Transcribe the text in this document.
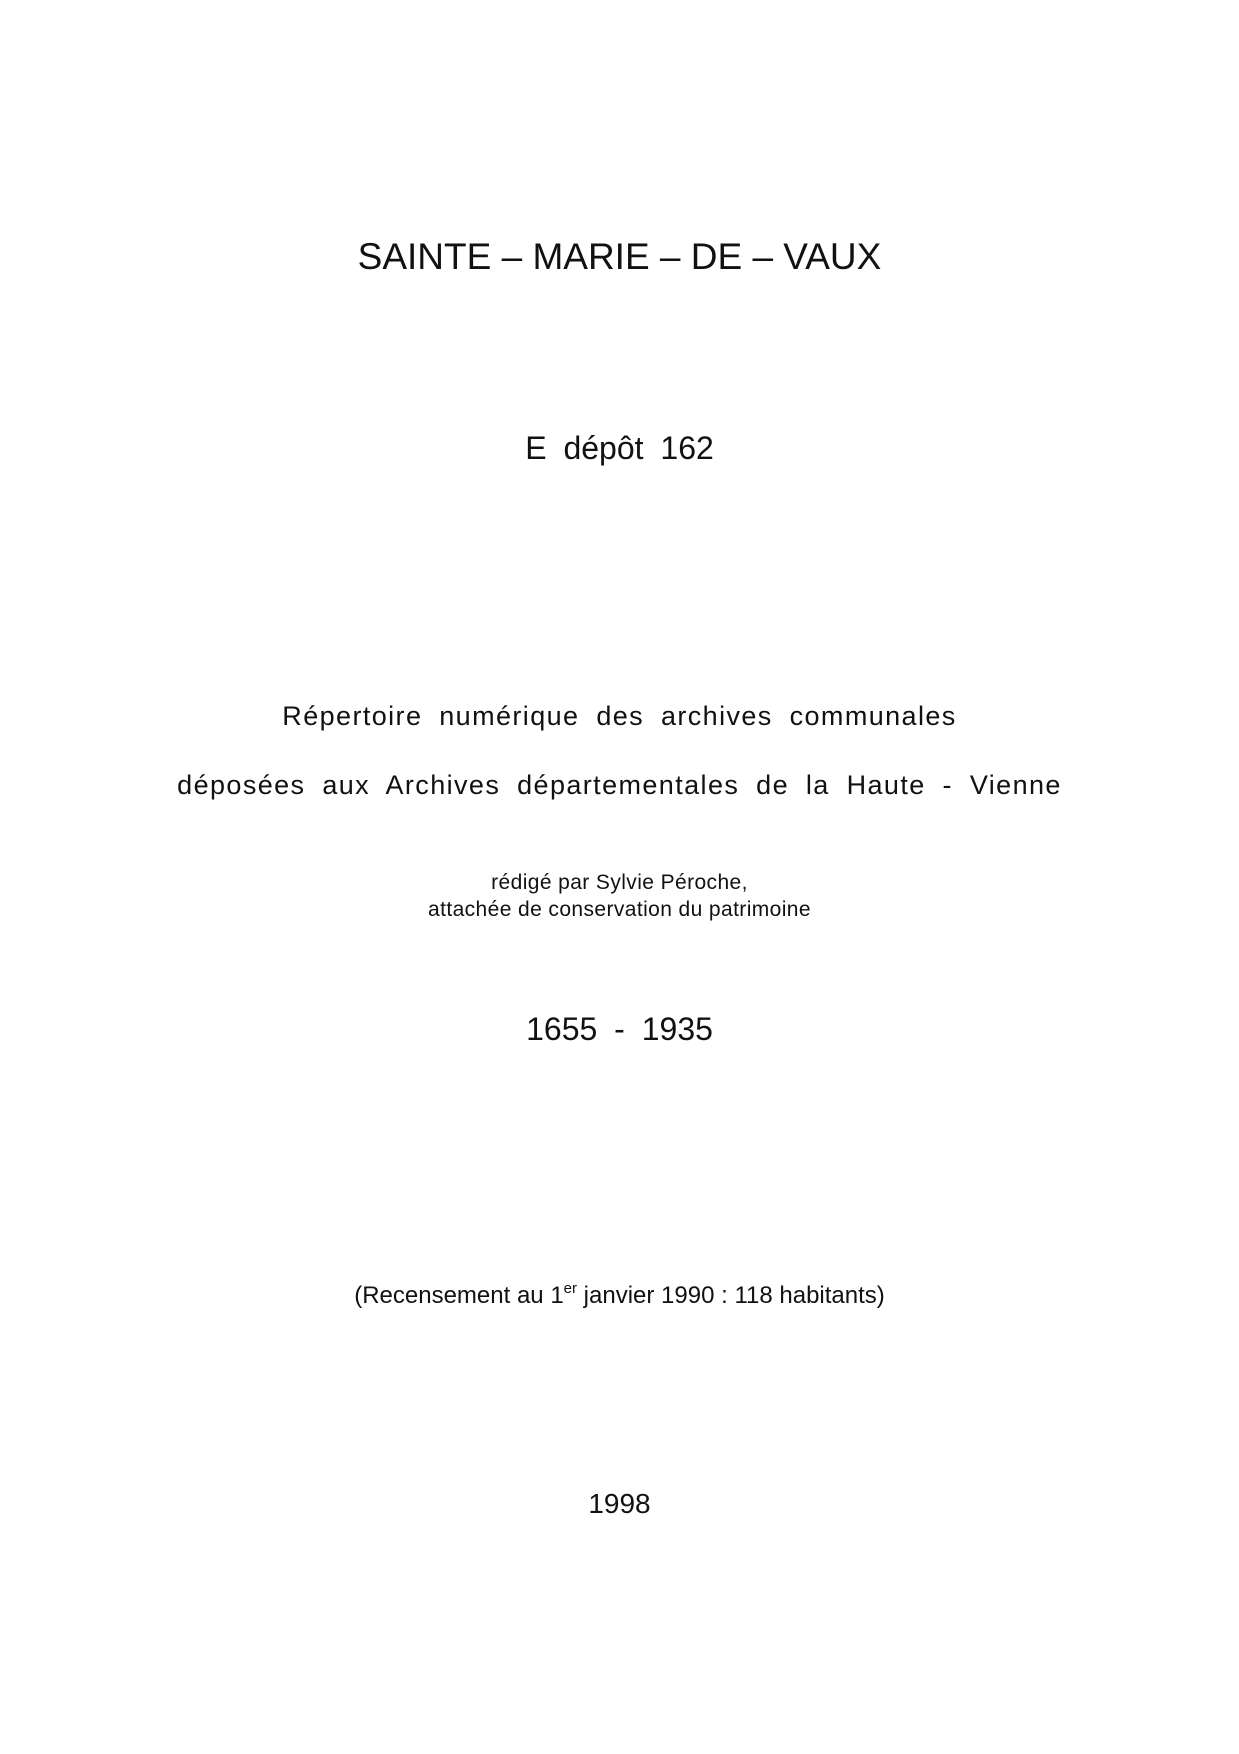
SAINTE – MARIE – DE – VAUX
E dépôt 162
Répertoire numérique des archives communales
déposées aux Archives départementales de la Haute - Vienne
rédigé par Sylvie Péroche,
attachée de conservation du patrimoine
1655 - 1935
(Recensement au 1er janvier 1990 : 118 habitants)
1998
